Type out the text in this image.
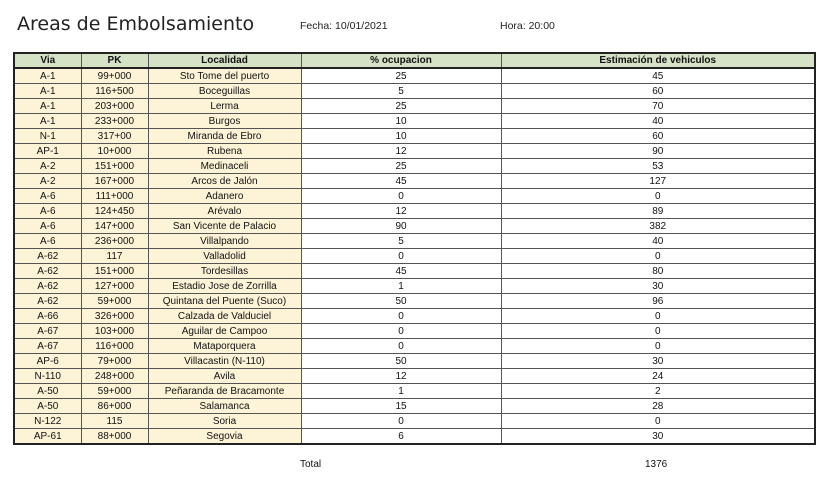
Areas de Embolsamiento	Fecha: 10/01/2021	Hora: 20:00
Via	PK	Localidad	% ocupacion	Estimación de vehiculos
A-1	99+000	Sto Tome del puerto	25	45
A-1	116+500	Boceguillas	5	60
A-1	203+000	Lerma	25	70
A-1	233+000	Burgos	10	40
N-1	317+00	Miranda de Ebro	10	60
AP-1	10+000	Rubena	12	90
A-2	151+000	Medinaceli	25	53
A-2	167+000	Arcos de Jalón	45	127
A-6	111+000	Adanero	0	0
A-6	124+450	Arévalo	12	89
A-6	147+000	San Vicente de Palacio	90	382
A-6	236+000	Villalpando	5	40
A-62	117	Valladolid	0	0
A-62	151+000	Tordesillas	45	80
A-62	127+000	Estadio Jose de Zorrilla	1	30
A-62	59+000	Quintana del Puente (Suco)	50	96
A-66	326+000	Calzada de Valduciel	0	0
A-67	103+000	Aguilar de Campoo	0	0
A-67	116+000	Mataporquera	0	0
AP-6	79+000	Villacastin (N-110)	50	30
N-110	248+000	Avila	12	24
A-50	59+000	Peñaranda de Bracamonte	1	2
A-50	86+000	Salamanca	15	28
N-122	115	Soria	0	0
AP-61	88+000	Segovia	6	30
Total	1376
